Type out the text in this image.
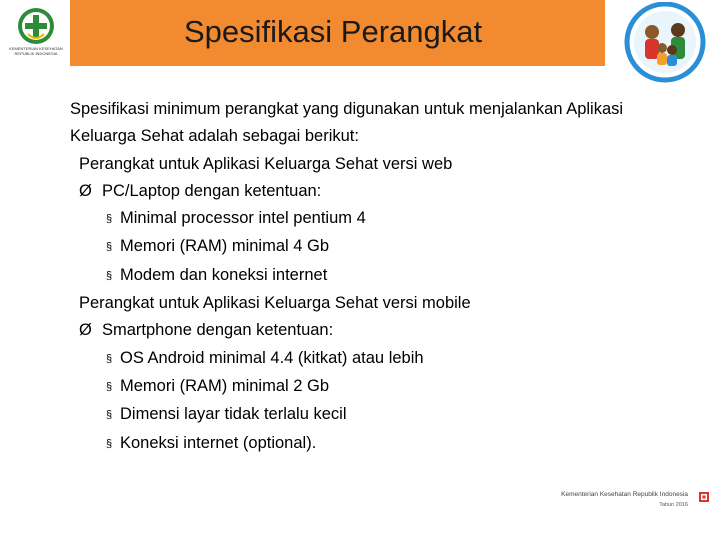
KEMENTERIAN KESEHATAN REPUBLIK INDONESIA
Spesifikasi Perangkat
Spesifikasi minimum perangkat yang digunakan untuk menjalankan Aplikasi
Keluarga Sehat adalah sebagai berikut:
Perangkat untuk Aplikasi Keluarga Sehat versi web
Ø PC/Laptop dengan ketentuan:
§ Minimal processor intel pentium 4
§ Memori (RAM) minimal 4 Gb
§ Modem dan koneksi internet
Perangkat untuk Aplikasi Keluarga Sehat versi mobile
Ø Smartphone dengan ketentuan:
§ OS Android minimal 4.4 (kitkat) atau lebih
§ Memori (RAM) minimal 2 Gb
§ Dimensi layar tidak terlalu kecil
§ Koneksi internet (optional).
Kementerian Kesehatan Republik Indonesia
Tahun 2016
